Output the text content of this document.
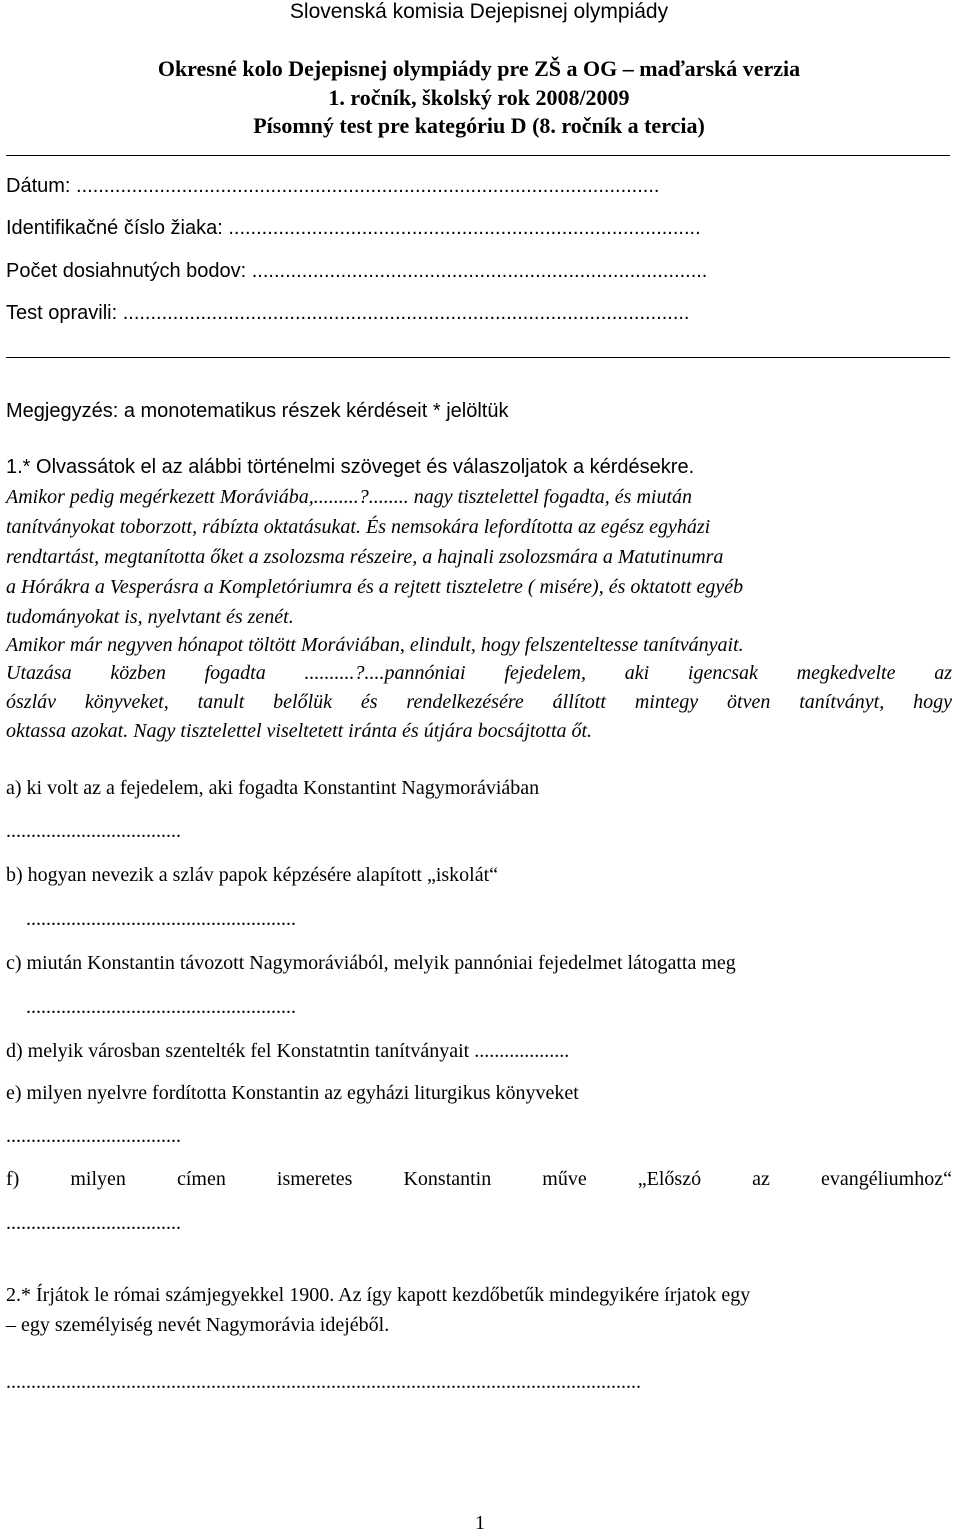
Slovenská komisia Dejepisnej olympiády

Okresné kolo Dejepisnej olympiády pre ZŠ a OG – maďarská verzia

1. ročník, školský rok 2008/2009

Písomný test pre kategóriu D (8. ročník a tercia)

Dátum: .........................................................................................................

Identifikačné číslo žiaka: .....................................................................................

Počet dosiahnutých bodov: ..................................................................................

Test opravili: ......................................................................................................

Megjegyzés: a monotematikus részek kérdéseit * jelöltük

1.* Olvassátok el az alábbi történelmi szöveget és válaszoljatok a kérdésekre.

Amikor pedig megérkezett Moráviába,.........?........ nagy tisztelettel fogadta, és miután

tanítványokat toborzott, rábízta oktatásukat. És nemsokára lefordította az egész egyházi

rendtartást, megtanította őket a zsolozsma részeire, a hajnali zsolozsmára a Matutinumra

a Hórákra a Vesperásra a Kompletóriumra és a rejtett tiszteletre ( misére), és oktatott egyéb

tudományokat is, nyelvtant és zenét.

Amikor már negyven hónapot töltött Moráviában, elindult, hogy felszenteltesse tanítványait.

Utazása közben fogadta ..........?....pannóniai fejedelem, aki igencsak megkedvelte az

ószláv könyveket, tanult belőlük és rendelkezésére állított mintegy ötven tanítványt, hogy

oktassa azokat. Nagy tisztelettel viseltetett iránta és útjára bocsájtotta őt.

a) ki volt az a fejedelem, aki fogadta Konstantint Nagymoráviában

...................................

b) hogyan nevezik a szláv papok képzésére alapított „iskolát“

......................................................

c) miután Konstantin távozott Nagymoráviából, melyik pannóniai fejedelmet látogatta meg

......................................................

d) melyik városban szentelték fel Konstatntin tanítványait ...................

e) milyen nyelvre fordította Konstantin az egyházi liturgikus könyveket

...................................

f) milyen címen ismeretes Konstantin műve „Előszó az evangéliumhoz“

...................................

2.* Írjátok le római számjegyekkel 1900. Az így kapott kezdőbetűk mindegyikére írjatok egy

– egy személyiség nevét Nagymorávia idejéből.

...............................................................................................................................

1
